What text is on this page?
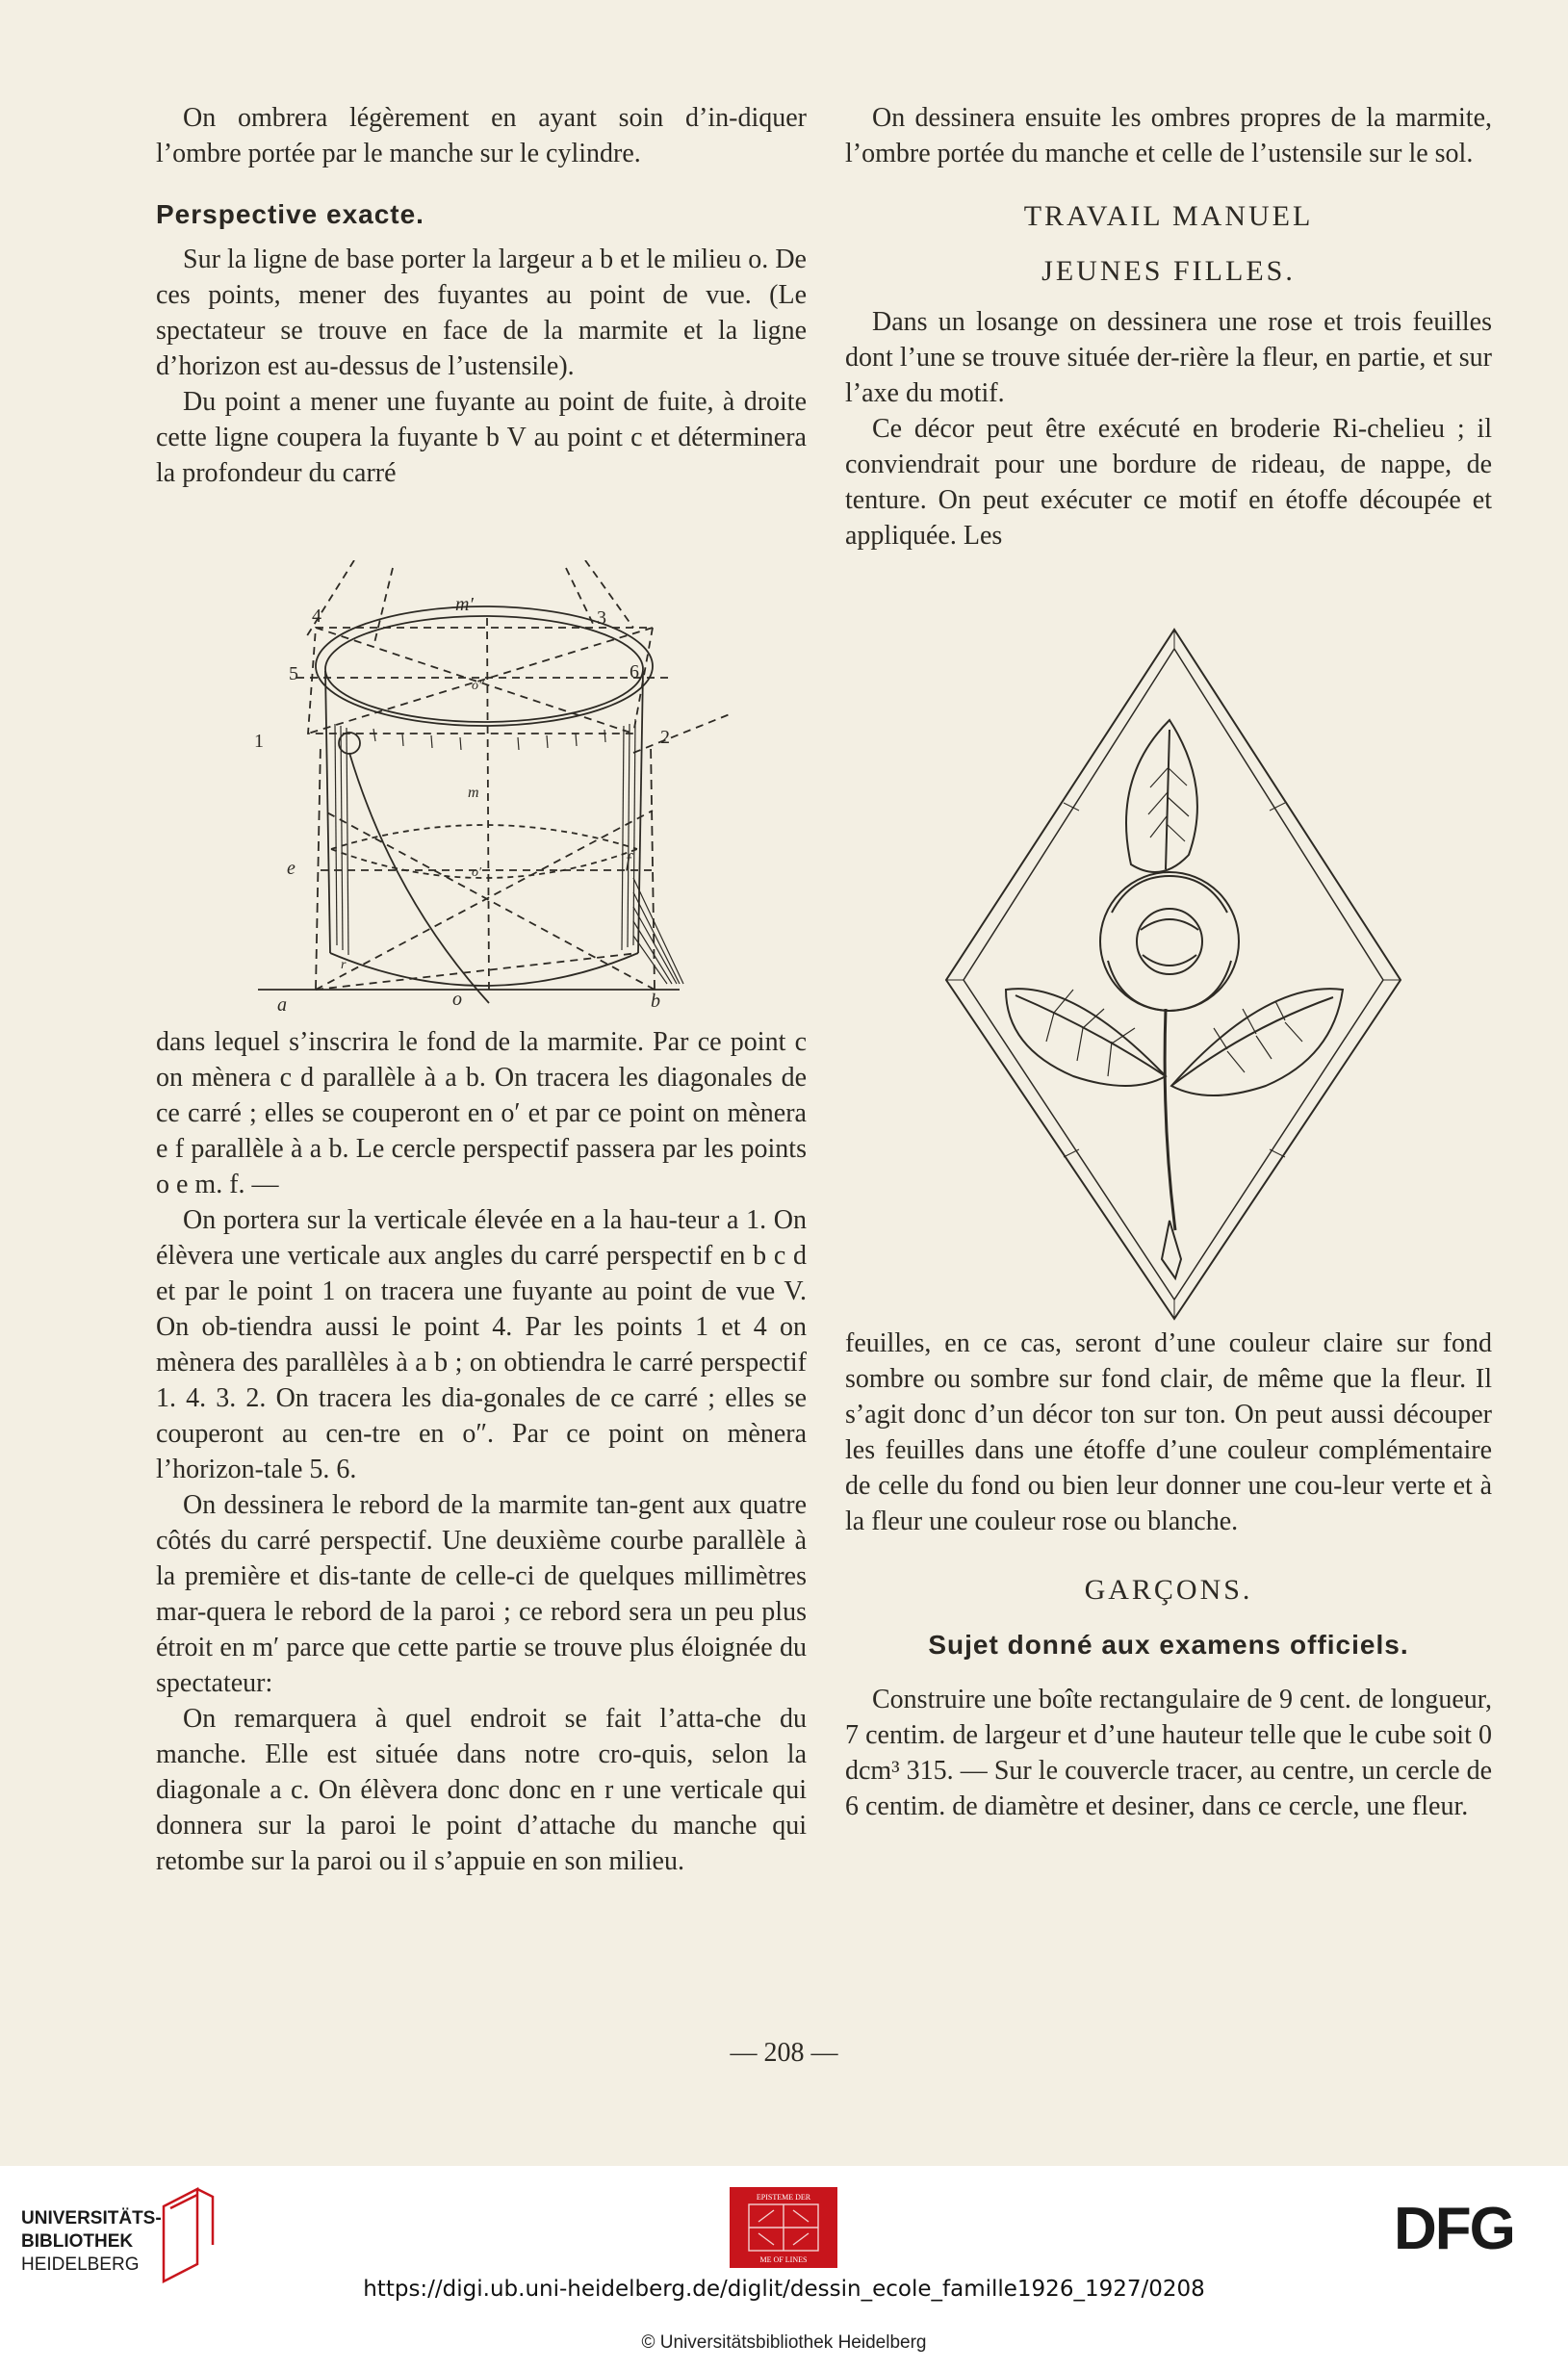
On ombrera légèrement en ayant soin d’in-diquer l’ombre portée par le manche sur le cylindre.

Perspective exacte.

Sur la ligne de base porter la largeur a b et le milieu o. De ces points, mener des fuyantes au point de vue. (Le spectateur se trouve en face de la marmite et la ligne d’horizon est au-dessus de l’ustensile).

Du point a mener une fuyante au point de fuite, à droite cette ligne coupera la fuyante b V au point c et déterminera la profondeur du carré

4
m′
3
5	6
o″
1	2
m
e	o′
f
r
a	o	b

dans lequel s’inscrira le fond de la marmite. Par ce point c on mènera c d parallèle à a b. On tracera les diagonales de ce carré ; elles se couperont en o′ et par ce point on mènera e f parallèle à a b. Le cercle perspectif passera par les points o e m. f. —

On portera sur la verticale élevée en a la hau-teur a 1. On élèvera une verticale aux angles du carré perspectif en b c d et par le point 1 on tracera une fuyante au point de vue V. On ob-tiendra aussi le point 4. Par les points 1 et 4 on mènera des parallèles à a b ; on obtiendra le carré perspectif 1. 4. 3. 2. On tracera les dia-gonales de ce carré ; elles se couperont au cen-tre en o″. Par ce point on mènera l’horizon-tale 5. 6.

On dessinera le rebord de la marmite tan-gent aux quatre côtés du carré perspectif. Une deuxième courbe parallèle à la première et dis-tante de celle-ci de quelques millimètres mar-quera le rebord de la paroi ; ce rebord sera un peu plus étroit en m′ parce que cette partie se trouve plus éloignée du spectateur:

On remarquera à quel endroit se fait l’atta-che du manche. Elle est située dans notre cro-quis, selon la diagonale a c. On élèvera donc donc en r une verticale qui donnera sur la paroi le point d’attache du manche qui retombe sur la paroi ou il s’appuie en son milieu.

On dessinera ensuite les ombres propres de la marmite, l’ombre portée du manche et celle de l’ustensile sur le sol.

TRAVAIL MANUEL
JEUNES FILLES.

Dans un losange on dessinera une rose et trois feuilles dont l’une se trouve située der-rière la fleur, en partie, et sur l’axe du motif.

Ce décor peut être exécuté en broderie Ri-chelieu ; il conviendrait pour une bordure de rideau, de nappe, de tenture. On peut exécuter ce motif en étoffe découpée et appliquée. Les

feuilles, en ce cas, seront d’une couleur claire sur fond sombre ou sombre sur fond clair, de même que la fleur. Il s’agit donc d’un décor ton sur ton. On peut aussi découper les feuilles dans une étoffe d’une couleur complémentaire de celle du fond ou bien leur donner une cou-leur verte et à la fleur une couleur rose ou blanche.

GARÇONS.
Sujet donné aux examens officiels.

Construire une boîte rectangulaire de 9 cent. de longueur, 7 centim. de largeur et d’une hauteur telle que le cube soit 0 dcm³ 315. — Sur le couvercle tracer, au centre, un cercle de 6 centim. de diamètre et desiner, dans ce cercle, une fleur.

— 208 —
UNIVERSITÄTS-
BIBLIOTHEK
HEIDELBERG
EPISTEME DER
ME OF LINES	DFG
https://digi.ub.uni-heidelberg.de/diglit/dessin_ecole_famille1926_1927/0208
© Universitätsbibliothek Heidelberg
